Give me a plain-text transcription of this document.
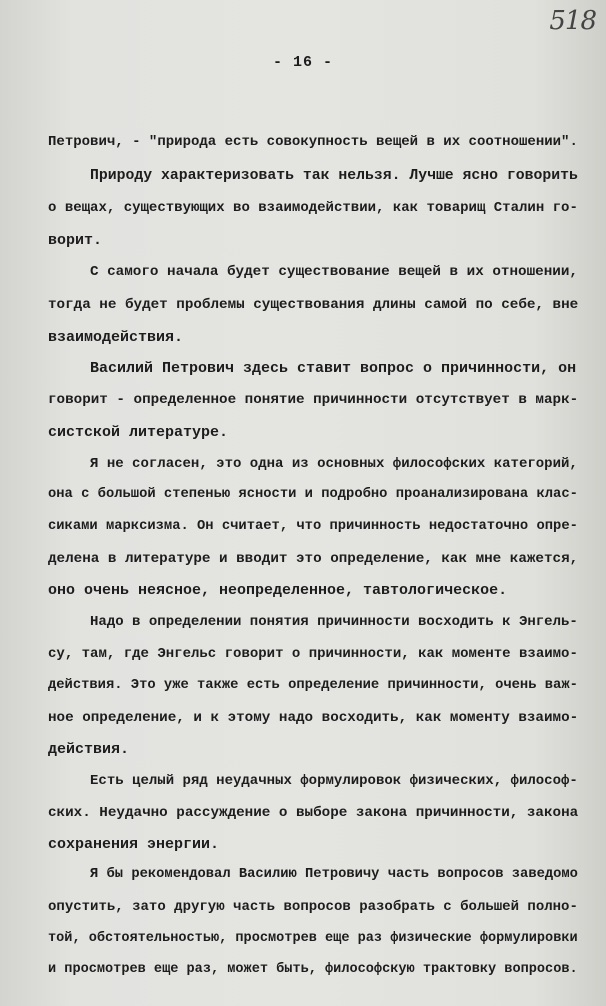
518
- 16 -
Петрович, - "природа есть совокупность вещей в их соотношении".
Природу характеризовать так нельзя. Лучше ясно говорить
о вещах, существующих во взаимодействии, как товарищ Сталин го-
ворит.
С самого начала будет существование вещей в их отношении,
тогда не будет проблемы существования длины самой по себе, вне
взаимодействия.
Василий Петрович здесь ставит вопрос о причинности, он
говорит - определенное понятие причинности отсутствует в марк-
систской литературе.
Я не согласен, это одна из основных философских категорий,
она с большой степенью ясности и подробно проанализирована клас-
сиками марксизма. Он считает, что причинность недостаточно опре-
делена в литературе и вводит это определение, как мне кажется,
оно очень неясное, неопределенное, тавтологическое.
Надо в определении понятия причинности восходить к Энгель-
су, там, где Энгельс говорит о причинности, как моменте взаимо-
действия. Это уже также есть определение причинности, очень важ-
ное определение, и к этому надо восходить, как моменту взаимо-
действия.
Есть целый ряд неудачных формулировок физических, философ-
ских. Неудачно рассуждение о выборе закона причинности, закона
сохранения энергии.
Я бы рекомендовал Василию Петровичу часть вопросов заведомо
опустить, зато другую часть вопросов разобрать с большей полно-
той, обстоятельностью, просмотрев еще раз физические формулировки
и просмотрев еще раз, может быть, философскую трактовку вопросов.
